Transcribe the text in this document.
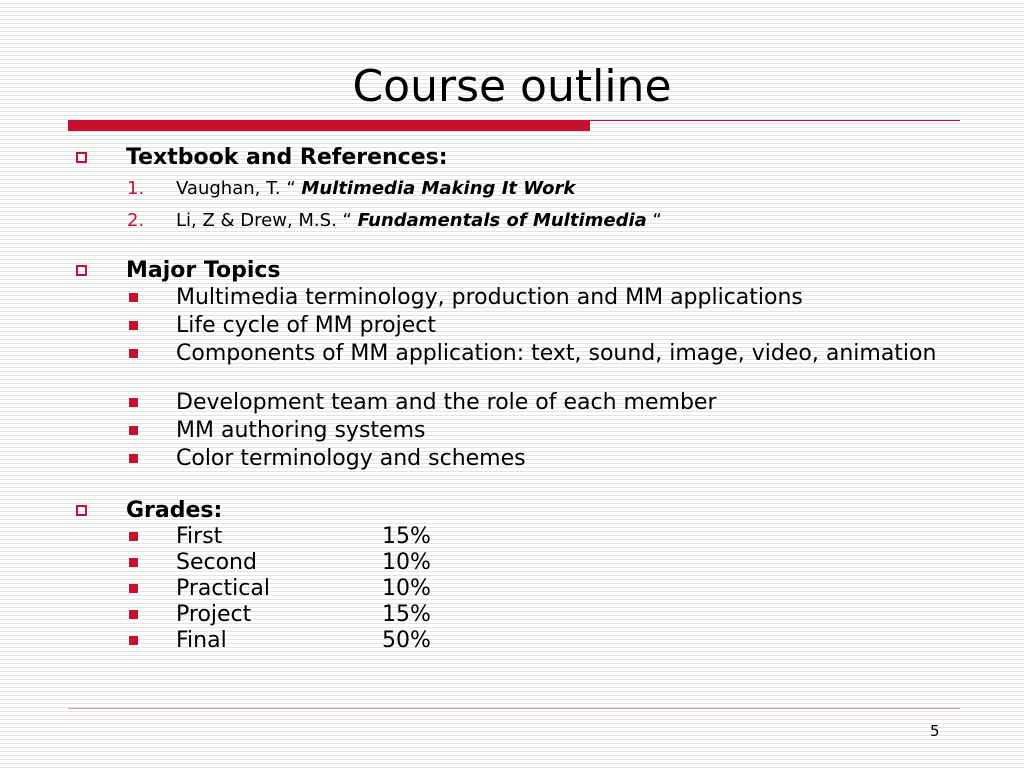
Course outline
Textbook and References:
1. Vaughan, T. “ Multimedia Making It Work
2. Li, Z & Drew, M.S. “ Fundamentals of Multimedia “
Major Topics
Multimedia terminology, production and MM applications
Life cycle of MM project
Components of MM application: text, sound, image, video, animation
Development team and the role of each member
MM authoring systems
Color terminology and schemes
Grades:
First	15%
Second	10%
Practical	10%
Project	15%
Final	50%
5
